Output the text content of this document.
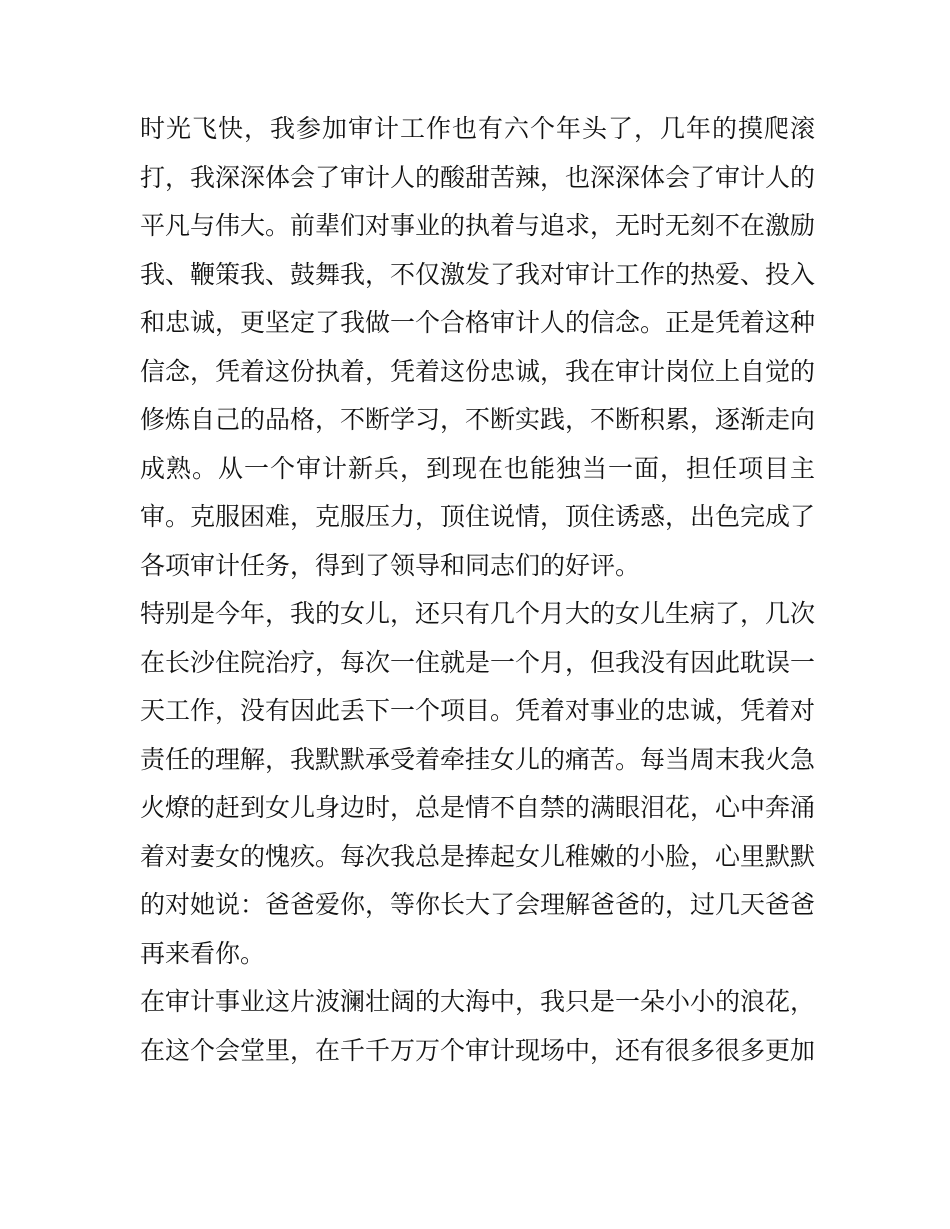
时光飞快，我参加审计工作也有六个年头了，几年的摸爬滚
打，我深深体会了审计人的酸甜苦辣，也深深体会了审计人的
平凡与伟大。前辈们对事业的执着与追求，无时无刻不在激励
我、鞭策我、鼓舞我，不仅激发了我对审计工作的热爱、投入
和忠诚，更坚定了我做一个合格审计人的信念。正是凭着这种
信念，凭着这份执着，凭着这份忠诚，我在审计岗位上自觉的
修炼自己的品格，不断学习，不断实践，不断积累，逐渐走向
成熟。从一个审计新兵，到现在也能独当一面，担任项目主
审。克服困难，克服压力，顶住说情，顶住诱惑，出色完成了
各项审计任务，得到了领导和同志们的好评。
特别是今年，我的女儿，还只有几个月大的女儿生病了，几次
在长沙住院治疗，每次一住就是一个月，但我没有因此耽误一
天工作，没有因此丢下一个项目。凭着对事业的忠诚，凭着对
责任的理解，我默默承受着牵挂女儿的痛苦。每当周末我火急
火燎的赶到女儿身边时，总是情不自禁的满眼泪花，心中奔涌
着对妻女的愧疚。每次我总是捧起女儿稚嫩的小脸，心里默默
的对她说：爸爸爱你，等你长大了会理解爸爸的，过几天爸爸
再来看你。
在审计事业这片波澜壮阔的大海中，我只是一朵小小的浪花，
在这个会堂里，在千千万万个审计现场中，还有很多很多更加
